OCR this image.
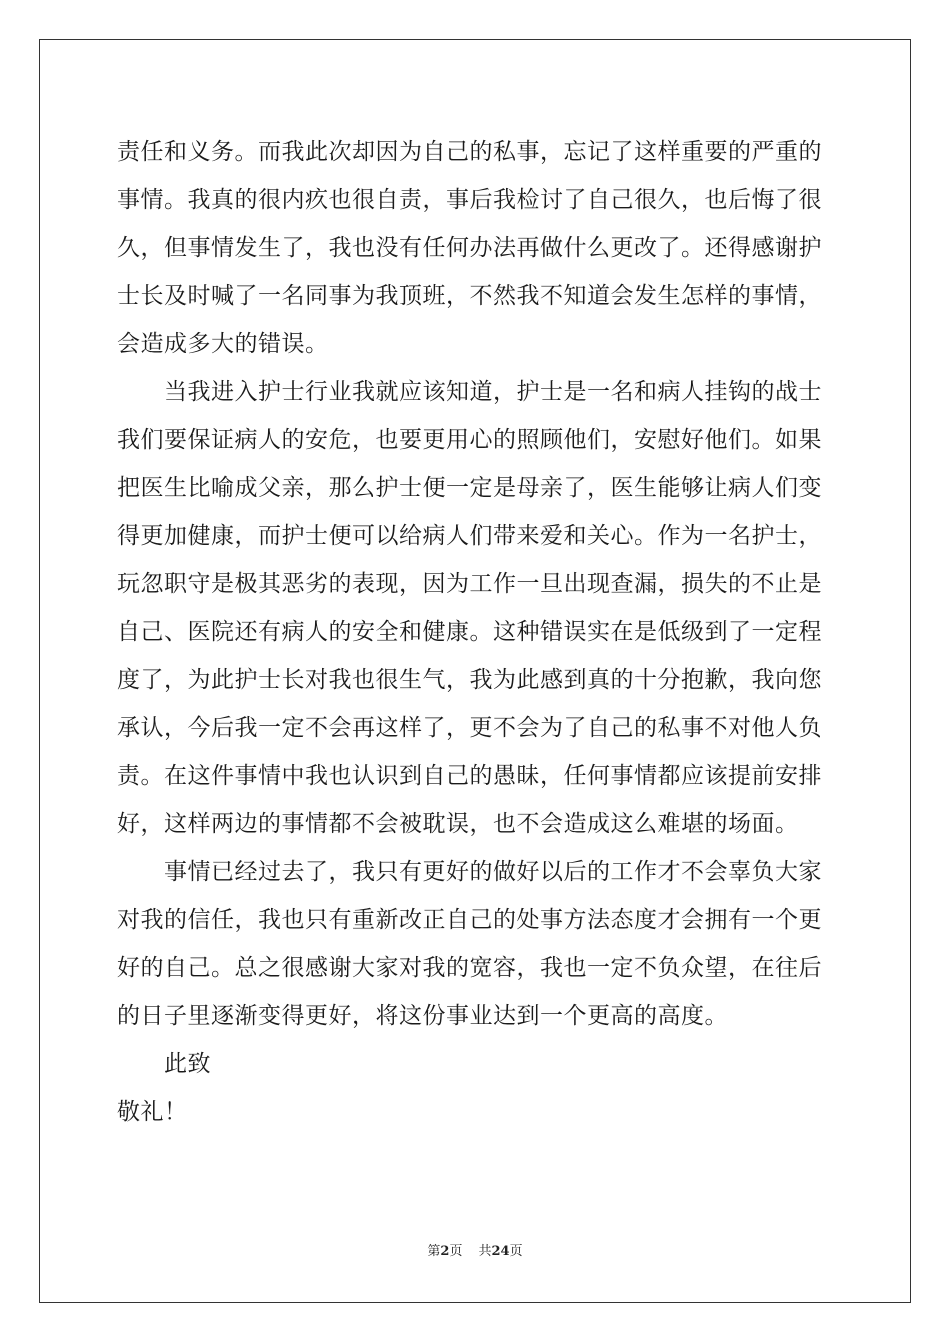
责任和义务。而我此次却因为自己的私事，忘记了这样重要的严重的
事情。我真的很内疚也很自责，事后我检讨了自己很久，也后悔了很
久，但事情发生了，我也没有任何办法再做什么更改了。还得感谢护
士长及时喊了一名同事为我顶班，不然我不知道会发生怎样的事情，
会造成多大的错误。
当我进入护士行业我就应该知道，护士是一名和病人挂钩的战士
我们要保证病人的安危，也要更用心的照顾他们，安慰好他们。如果
把医生比喻成父亲，那么护士便一定是母亲了，医生能够让病人们变
得更加健康，而护士便可以给病人们带来爱和关心。作为一名护士，
玩忽职守是极其恶劣的表现，因为工作一旦出现查漏，损失的不止是
自己、医院还有病人的安全和健康。这种错误实在是低级到了一定程
度了，为此护士长对我也很生气，我为此感到真的十分抱歉，我向您
承认，今后我一定不会再这样了，更不会为了自己的私事不对他人负
责。在这件事情中我也认识到自己的愚昧，任何事情都应该提前安排
好，这样两边的事情都不会被耽误，也不会造成这么难堪的场面。
事情已经过去了，我只有更好的做好以后的工作才不会辜负大家
对我的信任，我也只有重新改正自己的处事方法态度才会拥有一个更
好的自己。总之很感谢大家对我的宽容，我也一定不负众望，在往后
的日子里逐渐变得更好，将这份事业达到一个更高的高度。
此致
敬礼！
第2页 共24页
